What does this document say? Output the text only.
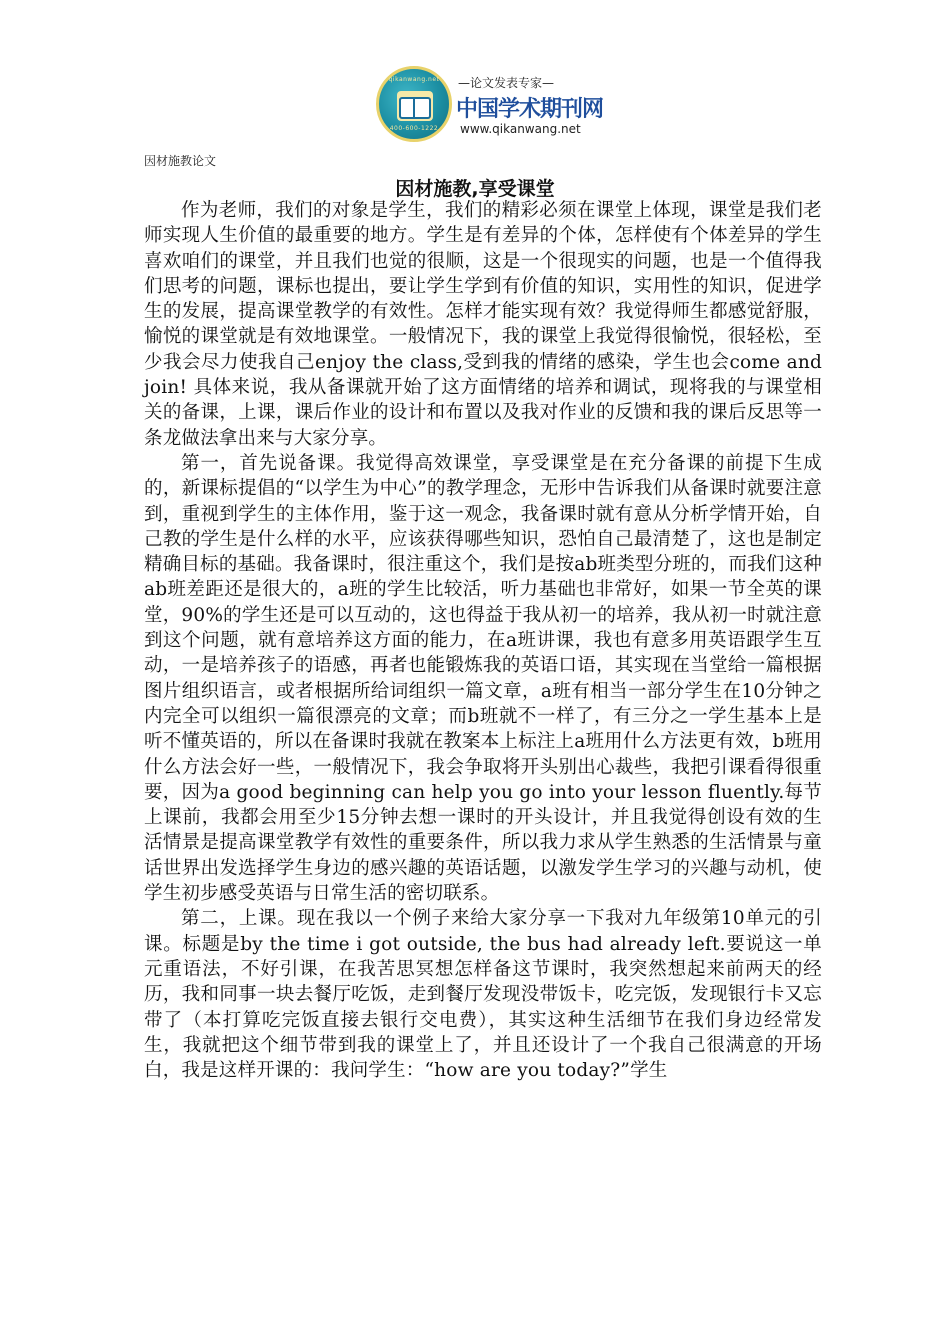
qikanwang.net
400-600-1222
—论文发表专家—
中国学术期刊网
www.qikanwang.net
因材施教论文
因材施教,享受课堂

作为老师，我们的对象是学生，我们的精彩必须在课堂上体现，课堂是我们老师实现人生价值的最重要的地方。学生是有差异的个体，怎样使有个体差异的学生喜欢咱们的课堂，并且我们也觉的很顺，这是一个很现实的问题，也是一个值得我们思考的问题，课标也提出，要让学生学到有价值的知识，实用性的知识，促进学生的发展，提高课堂教学的有效性。怎样才能实现有效？我觉得师生都感觉舒服，愉悦的课堂就是有效地课堂。一般情况下，我的课堂上我觉得很愉悦，很轻松，至少我会尽力使我自己enjoy the class,受到我的情绪的感染，学生也会come and join! 具体来说，我从备课就开始了这方面情绪的培养和调试，现将我的与课堂相关的备课，上课，课后作业的设计和布置以及我对作业的反馈和我的课后反思等一条龙做法拿出来与大家分享。

第一，首先说备课。我觉得高效课堂，享受课堂是在充分备课的前提下生成的，新课标提倡的“以学生为中心”的教学理念，无形中告诉我们从备课时就要注意到，重视到学生的主体作用，鉴于这一观念，我备课时就有意从分析学情开始，自己教的学生是什么样的水平，应该获得哪些知识，恐怕自己最清楚了，这也是制定精确目标的基础。我备课时，很注重这个，我们是按ab班类型分班的，而我们这种ab班差距还是很大的，a班的学生比较活，听力基础也非常好，如果一节全英的课堂，90%的学生还是可以互动的，这也得益于我从初一的培养，我从初一时就注意到这个问题，就有意培养这方面的能力，在a班讲课，我也有意多用英语跟学生互动，一是培养孩子的语感，再者也能锻炼我的英语口语，其实现在当堂给一篇根据图片组织语言，或者根据所给词组织一篇文章，a班有相当一部分学生在10分钟之内完全可以组织一篇很漂亮的文章；而b班就不一样了，有三分之一学生基本上是听不懂英语的，所以在备课时我就在教案本上标注上a班用什么方法更有效，b班用什么方法会好一些，一般情况下，我会争取将开头别出心裁些，我把引课看得很重要，因为a good beginning can help you go into your lesson fluently.每节上课前，我都会用至少15分钟去想一课时的开头设计，并且我觉得创设有效的生活情景是提高课堂教学有效性的重要条件，所以我力求从学生熟悉的生活情景与童话世界出发选择学生身边的感兴趣的英语话题，以激发学生学习的兴趣与动机，使学生初步感受英语与日常生活的密切联系。

第二，上课。现在我以一个例子来给大家分享一下我对九年级第10单元的引课。标题是by the time i got outside, the bus had already left.要说这一单元重语法，不好引课，在我苦思冥想怎样备这节课时，我突然想起来前两天的经历，我和同事一块去餐厅吃饭，走到餐厅发现没带饭卡，吃完饭，发现银行卡又忘带了（本打算吃完饭直接去银行交电费），其实这种生活细节在我们身边经常发生，我就把这个细节带到我的课堂上了，并且还设计了一个我自己很满意的开场白，我是这样开课的：我问学生：“how are you today?”学生
